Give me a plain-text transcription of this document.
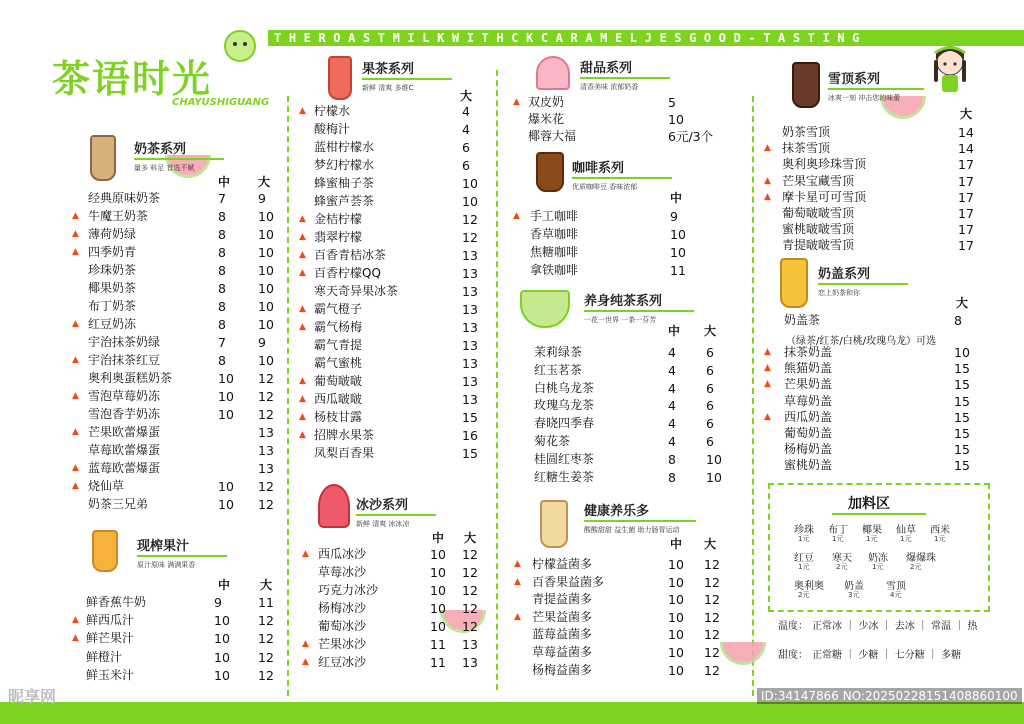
THEROASTMILKWITHCKCARAMELJESGOOD-TASTING
茶语时光
CHAYUSHIGUANG
奶茶系列
量多 料足 首选不赋
中 大
现榨果汁
原汁原味 满满果香
中 大
果茶系列
新鲜 清爽 多维C
大
冰沙系列
新鲜 清爽 冰冰凉
中 大
甜品系列
清香美味 浓郁奶香
咖啡系列
优质咖啡豆 香味浓郁
中
养身纯茶系列
一花一世界 一茶一芬芳
中 大
健康养乐多
酸酸甜甜 益生菌 助力肠胃运动
中 大
雪顶系列
冰爽一刻 冲击您的味蕾
大
奶盖系列
恋上奶茶和你
大
奶盖茶	8
（绿茶/红茶/白桃/玫瑰乌龙）可选
经典原味奶茶	7	9
▲ 牛魔王奶茶	8	10
▲ 薄荷奶绿	8	10
▲ 四季奶青	8	10
珍珠奶茶	8	10
椰果奶茶	8	10
布丁奶茶	8	10
▲ 红豆奶冻	8	10
宇治抹茶奶绿	7	9
▲ 宇治抹茶红豆	8	10
奥利奥蛋糕奶茶	10 12
▲ 雪泡草莓奶冻	10 12
雪泡香芋奶冻	10 12
▲ 芒果欧蕾爆蛋	13
草莓欧蕾爆蛋	13
▲ 蓝莓欧蕾爆蛋	13
▲ 烧仙草	10 12
奶茶三兄弟	10 12
鲜香蕉牛奶	9	11
▲ 鲜西瓜汁	10 12
▲ 鲜芒果汁	10 12
鲜橙汁	10 12
鲜玉米汁	10 12
▲ 柠檬水	4
酸梅汁	4
蓝柑柠檬水	6
梦幻柠檬水	6
蜂蜜柚子茶	10
蜂蜜芦荟茶	10
▲ 金桔柠檬	12
▲ 翡翠柠檬	12
▲ 百香青桔冰茶	13
▲ 百香柠檬QQ	13
寒天奇异果冰茶	13
▲ 霸气橙子	13
▲ 霸气杨梅	13
霸气青提	13
霸气蜜桃	13
▲ 葡萄啵啵	13
▲ 西瓜啵啵	13
▲ 杨枝甘露	15
▲ 招牌水果茶	16
凤梨百香果	15
▲ 西瓜冰沙	10 12
草莓冰沙	10 12
巧克力冰沙	10 12
杨梅冰沙	10 12
葡萄冰沙	10 12
▲ 芒果冰沙	11 13
▲ 红豆冰沙	11 13
▲ 双皮奶	5
爆米花	10
椰蓉大福	6元/3个
▲ 手工咖啡	9
香草咖啡	10
焦糖咖啡	10
拿铁咖啡	11
茉莉绿茶	4 6
红玉茗茶	4 6
白桃乌龙茶	4 6
玫瑰乌龙茶	4 6
春晓四季春	4 6
菊花茶	4 6
桂圆红枣茶	8 10
红糖生姜茶	8 10
▲ 柠檬益菌多	10 12
▲ 百香果益菌多	10 12
青提益菌多	10 12
▲ 芒果益菌多	10 12
蓝莓益菌多	10 12
草莓益菌多	10 12
杨梅益菌多	10 12
奶茶雪顶	14
▲ 抹茶雪顶	14
奥利奥珍珠雪顶	17
▲ 芒果宝藏雪顶	17
▲ 摩卡星可可雪顶	17
葡萄啵啵雪顶	17
蜜桃啵啵雪顶	17
青提啵啵雪顶	17
▲ 抹茶奶盖	10
▲ 熊猫奶盖	15
▲ 芒果奶盖	15
草莓奶盖	15
▲ 西瓜奶盖	15
葡萄奶盖	15
杨梅奶盖	15
蜜桃奶盖	15
加料区
珍珠
1元
布丁
1元
椰果
1元
仙草
1元
西米
1元
红豆
1元
寒天
2元
奶冻
1元
爆爆珠
2元
奥利奥
2元
奶盖
3元
雪顶
4元
温度： 正常冰 ｜ 少冰 ｜ 去冰 ｜ 常温 ｜ 热
甜度： 正常糖 ｜ 少糖 ｜ 七分糖 ｜ 多糖
昵享网	ID:34147866 NO:20250228151408860100
